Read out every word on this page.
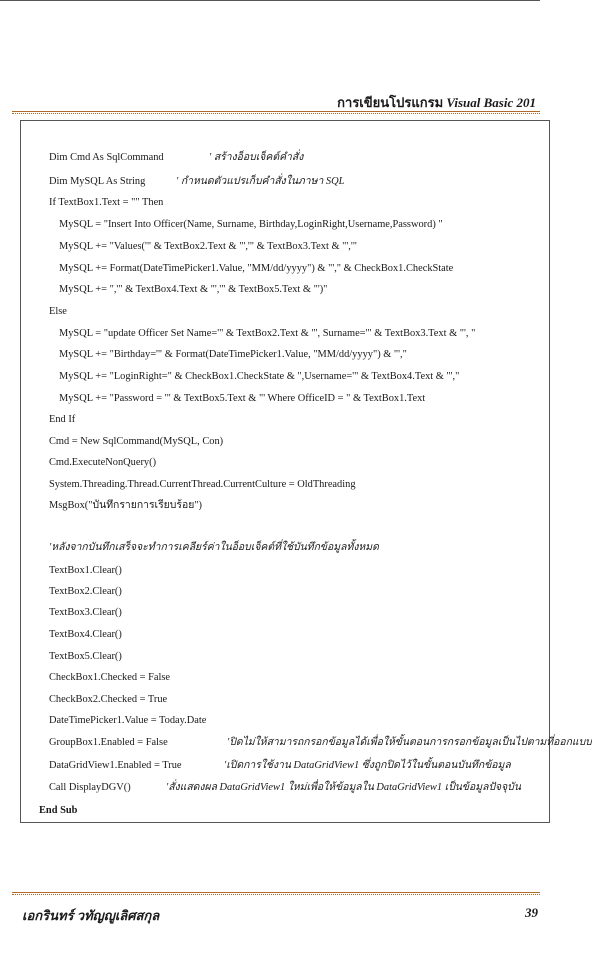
การเขียนโปรแกรม Visual Basic 201
Dim Cmd As SqlCommand	' สร้างอ็อบเจ็คต์คำสั่ง
Dim MySQL As String	' กำหนดตัวแปรเก็บคำสั่งในภาษา SQL
If TextBox1.Text = "" Then
MySQL = "Insert Into Officer(Name, Surname, Birthday,LoginRight,Username,Password) "
MySQL += "Values('" & TextBox2.Text & "','" & TextBox3.Text & "','"
MySQL += Format(DateTimePicker1.Value, "MM/dd/yyyy") & "'," & CheckBox1.CheckState
MySQL += ",'" & TextBox4.Text & "','" & TextBox5.Text & "')"
Else
MySQL = "update Officer Set Name='" & TextBox2.Text & "', Surname='" & TextBox3.Text & "', "
MySQL += "Birthday='" & Format(DateTimePicker1.Value, "MM/dd/yyyy") & "',"
MySQL += "LoginRight=" & CheckBox1.CheckState & ",Username='" & TextBox4.Text & "',"
MySQL += "Password = '" & TextBox5.Text & "' Where OfficeID = " & TextBox1.Text
End If
Cmd = New SqlCommand(MySQL, Con)
Cmd.ExecuteNonQuery()
System.Threading.Thread.CurrentThread.CurrentCulture = OldThreading
MsgBox("บันทึกรายการเรียบร้อย")
'หลังจากบันทึกเสร็จจะทำการเคลียร์ค่าในอ็อบเจ็คต์ที่ใช้บันทึกข้อมูลทั้งหมด
TextBox1.Clear()
TextBox2.Clear()
TextBox3.Clear()
TextBox4.Clear()
TextBox5.Clear()
CheckBox1.Checked = False
CheckBox2.Checked = True
DateTimePicker1.Value = Today.Date
GroupBox1.Enabled = False	'ปิดไม่ให้สามารถกรอกข้อมูลได้เพื่อให้ขั้นตอนการกรอกข้อมูลเป็นไปตามที่ออกแบบ
DataGridView1.Enabled = True	'เปิดการใช้งาน DataGridView1 ซึ่งถูกปิดไว้ในขั้นตอนบันทึกข้อมูล
Call DisplayDGV()	'สั่งแสดงผล DataGridView1 ใหม่เพื่อให้ข้อมูลใน DataGridView1 เป็นข้อมูลปัจจุบัน
End Sub
เอกรินทร์ วทัญญูเลิศสกุล	39
